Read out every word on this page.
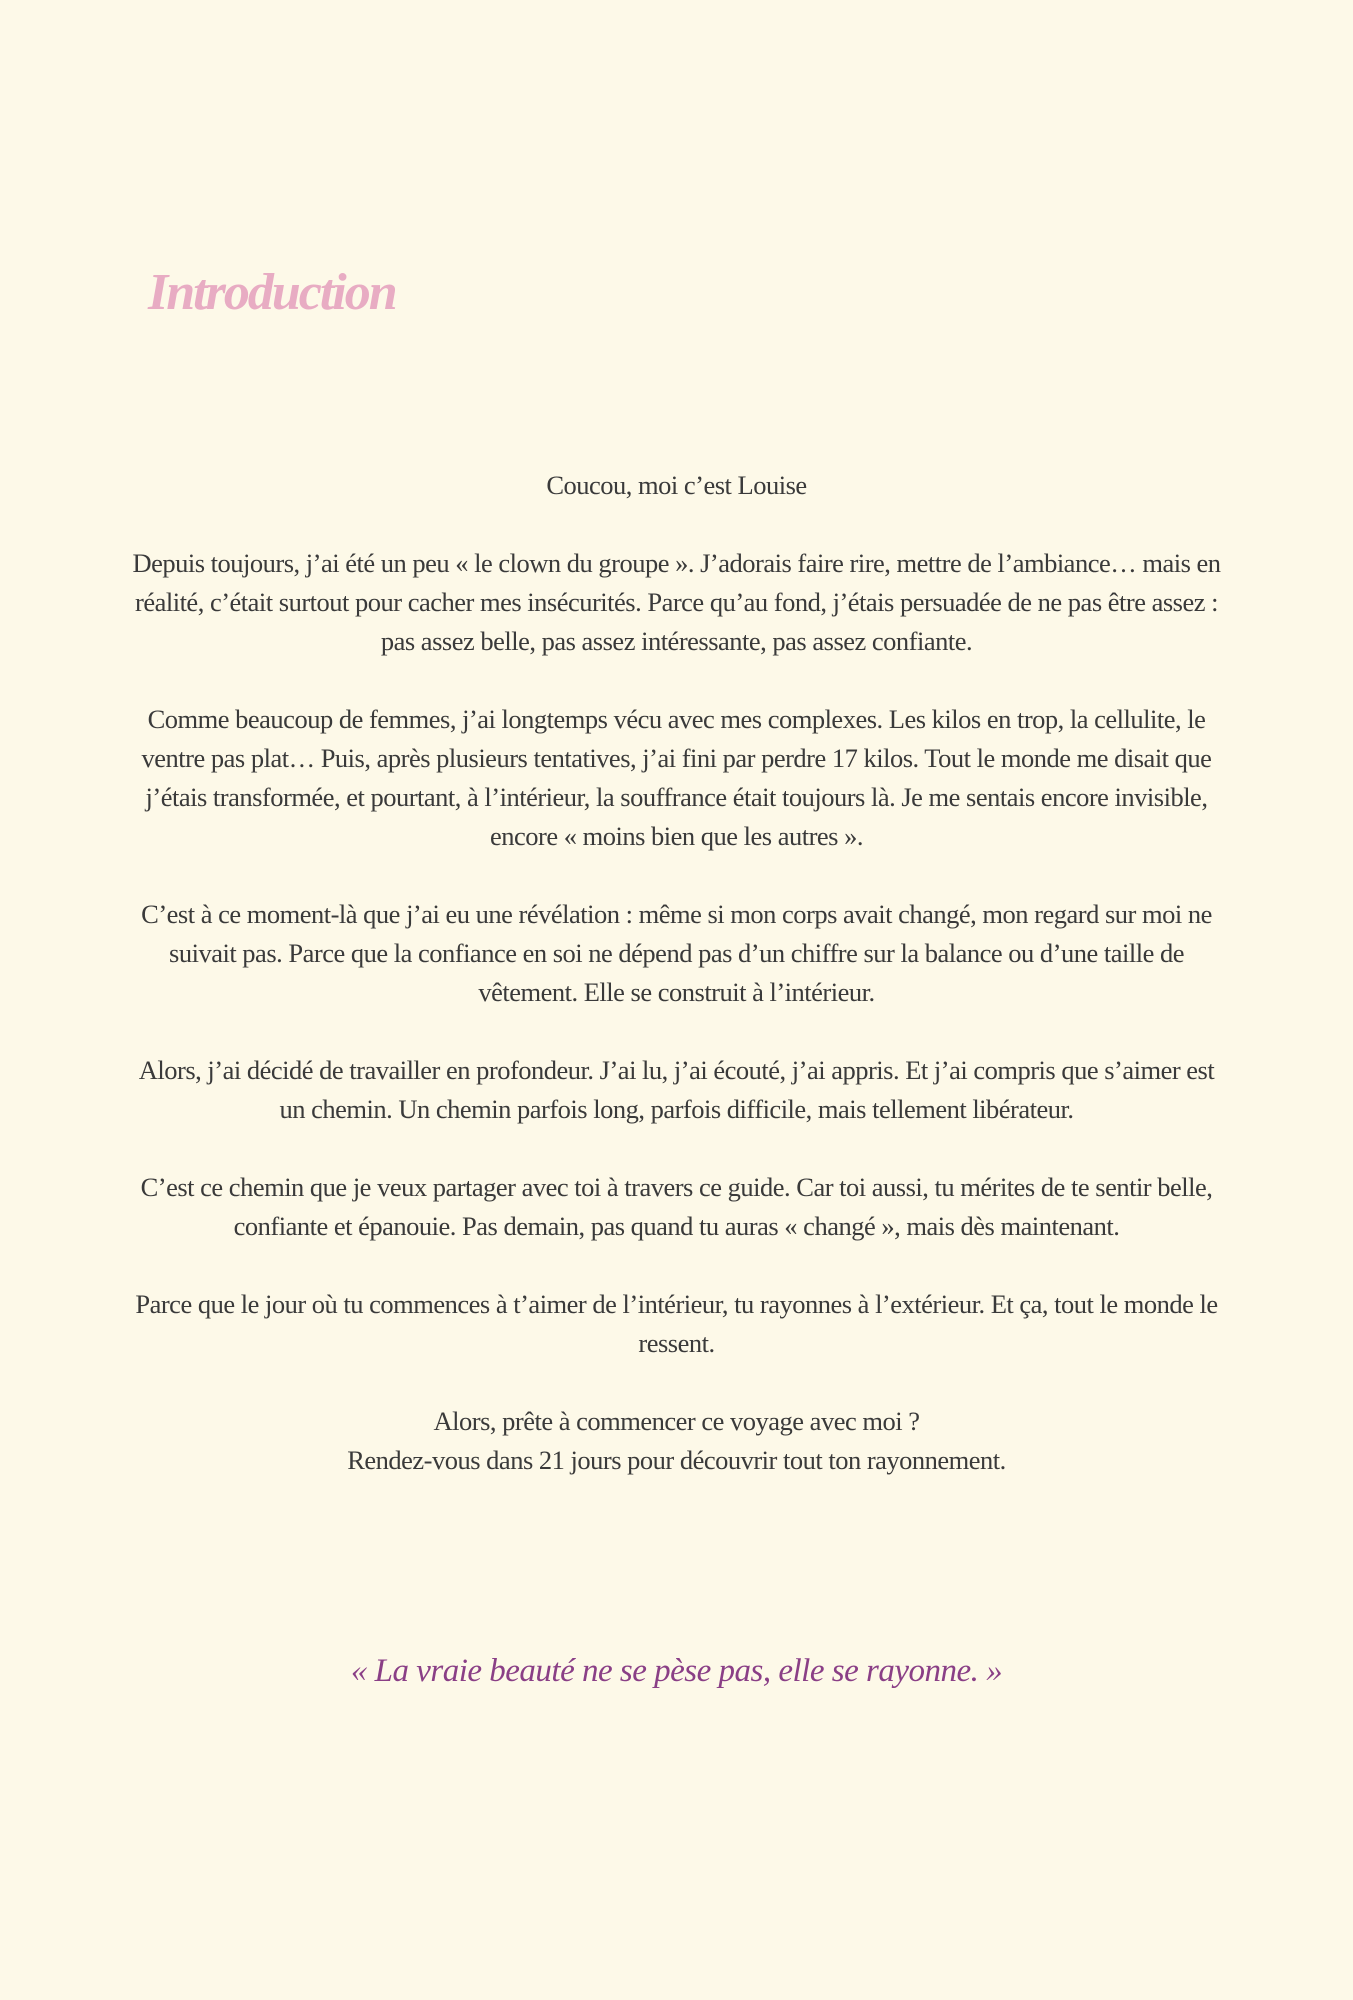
Introduction

Coucou, moi c’est Louise

Depuis toujours, j’ai été un peu « le clown du groupe ». J’adorais faire rire, mettre de l’ambiance… mais en réalité, c’était surtout pour cacher mes insécurités. Parce qu’au fond, j’étais persuadée de ne pas être assez : pas assez belle, pas assez intéressante, pas assez confiante.

Comme beaucoup de femmes, j’ai longtemps vécu avec mes complexes. Les kilos en trop, la cellulite, le ventre pas plat… Puis, après plusieurs tentatives, j’ai fini par perdre 17 kilos. Tout le monde me disait que j’étais transformée, et pourtant, à l’intérieur, la souffrance était toujours là. Je me sentais encore invisible, encore « moins bien que les autres ».

C’est à ce moment-là que j’ai eu une révélation : même si mon corps avait changé, mon regard sur moi ne suivait pas. Parce que la confiance en soi ne dépend pas d’un chiffre sur la balance ou d’une taille de vêtement. Elle se construit à l’intérieur.

Alors, j’ai décidé de travailler en profondeur. J’ai lu, j’ai écouté, j’ai appris. Et j’ai compris que s’aimer est un chemin. Un chemin parfois long, parfois difficile, mais tellement libérateur.

C’est ce chemin que je veux partager avec toi à travers ce guide. Car toi aussi, tu mérites de te sentir belle, confiante et épanouie. Pas demain, pas quand tu auras « changé », mais dès maintenant.

Parce que le jour où tu commences à t’aimer de l’intérieur, tu rayonnes à l’extérieur. Et ça, tout le monde le ressent.

Alors, prête à commencer ce voyage avec moi ?

Rendez-vous dans 21 jours pour découvrir tout ton rayonnement.

« La vraie beauté ne se pèse pas, elle se rayonne. »
